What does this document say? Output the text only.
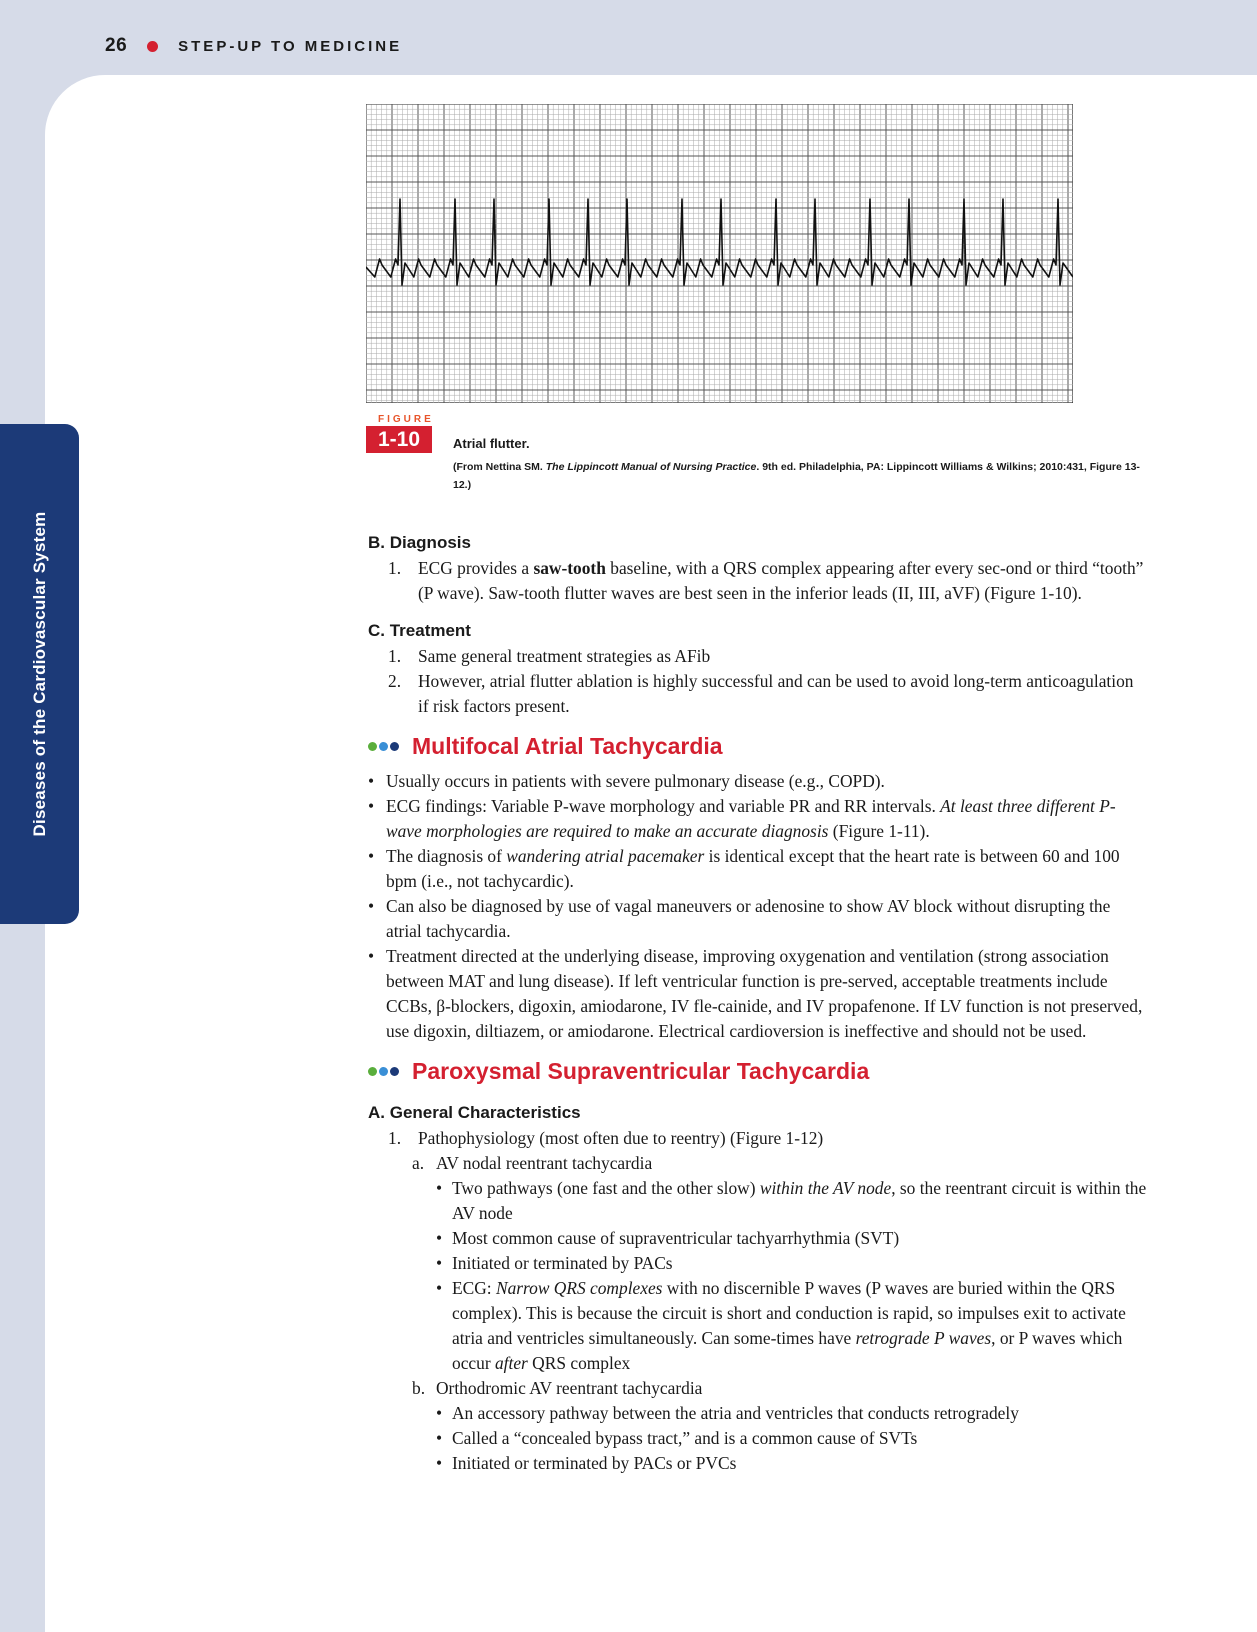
26	STEP-UP TO MEDICINE
Diseases of the Cardiovascular System
FIGURE
1-10	Atrial flutter.
(From Nettina SM. The Lippincott Manual of Nursing Practice. 9th ed. Philadelphia, PA: Lippincott Williams & Wilkins; 2010:431, Figure 13-12.)
B. Diagnosis
1. ECG provides a saw-tooth baseline, with a QRS complex appearing after every sec-ond or third “tooth” (P wave). Saw-tooth flutter waves are best seen in the inferior leads (II, III, aVF) (Figure 1-10).
C. Treatment
1. Same general treatment strategies as AFib
2. However, atrial flutter ablation is highly successful and can be used to avoid long-term anticoagulation if risk factors present.
Multifocal Atrial Tachycardia
• Usually occurs in patients with severe pulmonary disease (e.g., COPD).
• ECG findings: Variable P-wave morphology and variable PR and RR intervals. At least three different P-wave morphologies are required to make an accurate diagnosis (Figure 1-11).
• The diagnosis of wandering atrial pacemaker is identical except that the heart rate is between 60 and 100 bpm (i.e., not tachycardic).
• Can also be diagnosed by use of vagal maneuvers or adenosine to show AV block without disrupting the atrial tachycardia.
• Treatment directed at the underlying disease, improving oxygenation and ventilation (strong association between MAT and lung disease). If left ventricular function is pre-served, acceptable treatments include CCBs, β-blockers, digoxin, amiodarone, IV fle-cainide, and IV propafenone. If LV function is not preserved, use digoxin, diltiazem, or amiodarone. Electrical cardioversion is ineffective and should not be used.
Paroxysmal Supraventricular Tachycardia
A. General Characteristics
1. Pathophysiology (most often due to reentry) (Figure 1-12)
a. AV nodal reentrant tachycardia
• Two pathways (one fast and the other slow) within the AV node, so the reentrant circuit is within the AV node
• Most common cause of supraventricular tachyarrhythmia (SVT)
• Initiated or terminated by PACs
• ECG: Narrow QRS complexes with no discernible P waves (P waves are buried within the QRS complex). This is because the circuit is short and conduction is rapid, so impulses exit to activate atria and ventricles simultaneously. Can some-times have retrograde P waves, or P waves which occur after QRS complex
b. Orthodromic AV reentrant tachycardia
• An accessory pathway between the atria and ventricles that conducts retrogradely
• Called a “concealed bypass tract,” and is a common cause of SVTs
• Initiated or terminated by PACs or PVCs
